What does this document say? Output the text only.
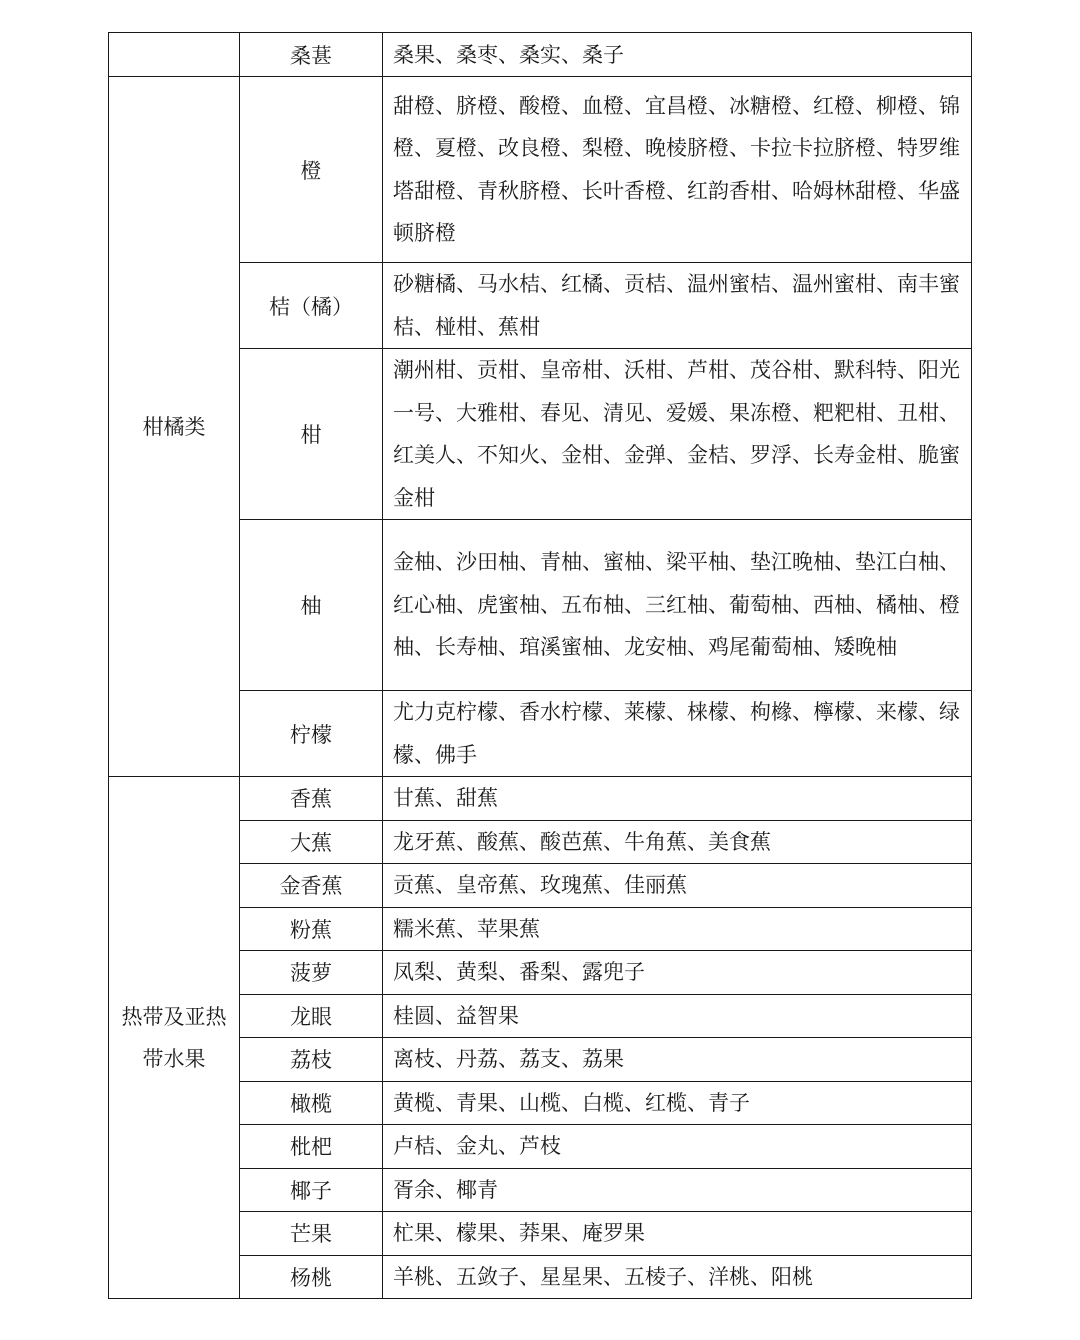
	桑葚	桑果、桑枣、桑实、桑子
柑橘类	橙	甜橙、脐橙、酸橙、血橙、宜昌橙、冰糖橙、红橙、柳橙、锦橙、夏橙、改良橙、梨橙、晚棱脐橙、卡拉卡拉脐橙、特罗维塔甜橙、青秋脐橙、长叶香橙、红韵香柑、哈姆林甜橙、华盛顿脐橙
	桔（橘）	砂糖橘、马水桔、红橘、贡桔、温州蜜桔、温州蜜柑、南丰蜜桔、椪柑、蕉柑
	柑	潮州柑、贡柑、皇帝柑、沃柑、芦柑、茂谷柑、默科特、阳光一号、大雅柑、春见、清见、爱媛、果冻橙、粑粑柑、丑柑、红美人、不知火、金柑、金弹、金桔、罗浮、长寿金柑、脆蜜金柑
	柚	金柚、沙田柚、青柚、蜜柚、梁平柚、垫江晚柚、垫江白柚、红心柚、虎蜜柚、五布柚、三红柚、葡萄柚、西柚、橘柚、橙柚、长寿柚、琯溪蜜柚、龙安柚、鸡尾葡萄柚、矮晚柚
	柠檬	尤力克柠檬、香水柠檬、莱檬、梾檬、枸橼、檸檬、来檬、绿檬、佛手
热带及亚热带水果	香蕉	甘蕉、甜蕉
	大蕉	龙牙蕉、酸蕉、酸芭蕉、牛角蕉、美食蕉
	金香蕉	贡蕉、皇帝蕉、玫瑰蕉、佳丽蕉
	粉蕉	糯米蕉、苹果蕉
	菠萝	凤梨、黄梨、番梨、露兜子
	龙眼	桂圆、益智果
	荔枝	离枝、丹荔、荔支、荔果
	橄榄	黄榄、青果、山榄、白榄、红榄、青子
	枇杷	卢桔、金丸、芦枝
	椰子	胥余、椰青
	芒果	杧果、檬果、莽果、庵罗果
	杨桃	羊桃、五敛子、星星果、五棱子、洋桃、阳桃
